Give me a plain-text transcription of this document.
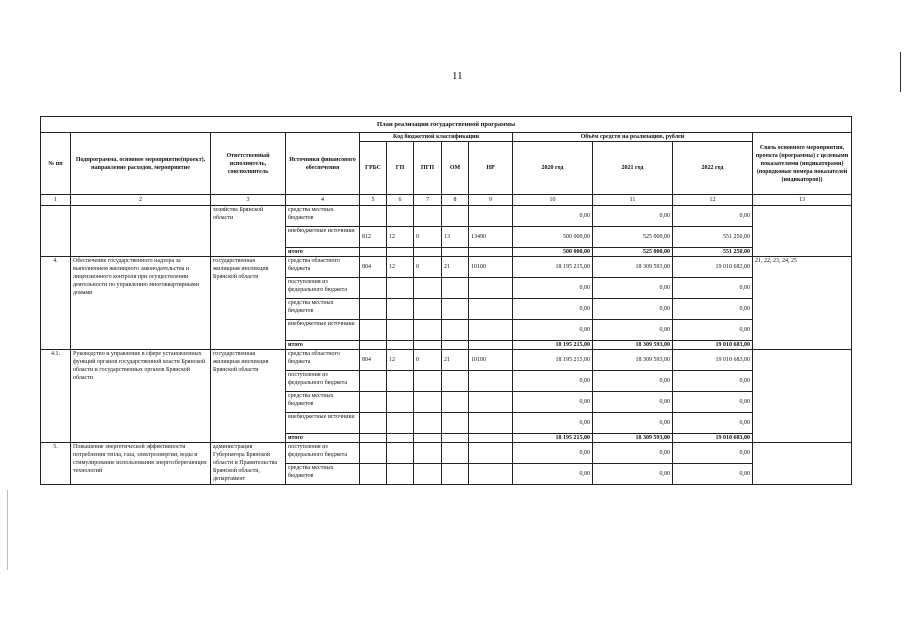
11
План реализации государственной программы												
№ пп	Подпрограмма, основное мероприятие(проект), направление расходов, мероприятие	Ответственный исполнитель, соисполнитель	Источники финансового обеспечения	Код бюджетной классификации					Объём средств на реализацию, рублей			Связь основного мероприятия, проекта (программы) с целевыми показателями (индикаторами) (порядковые номера показателей (индикаторов))
				ГРБС	ГП	ПГП	ОМ	НР	2020 год	2021 год	2022 год	
1	2	3	4	5	6	7	8	9	10	11	12	13
		хозяйства Брянской области	средства местных бюджетов						0,00	0,00	0,00	
			внебюджетные источники	812	12	0	13	13490	500 000,00	525 000,00	551 250,00	
			итого						500 000,00	525 000,00	551 250,00	
4.	Обеспечение государственного надзора за выполнением жилищного законодательства и лицензионного контроля при осуществлении деятельности по управлению многоквартирными домами	государственная жилищная инспекция Брянской области	средства областного бюджета	804	12	0	21	10100	18 195 215,00	18 309 593,00	19 010 683,00	21, 22, 23, 24, 25
			поступления из федерального бюджета						0,00	0,00	0,00	
			средства местных бюджетов						0,00	0,00	0,00	
			внебюджетные источники						0,00	0,00	0,00	
			итого						18 195 215,00	18 309 593,00	19 010 683,00	
4.1.	Руководство и управление в сфере установленных функций органов государственной власти Брянской области и государственных органов Брянской области	государственная жилищная инспекция Брянской области	средства областного бюджета	804	12	0	21	10100	18 195 215,00	18 309 593,00	19 010 683,00	
			поступления из федерального бюджета						0,00	0,00	0,00	
			средства местных бюджетов						0,00	0,00	0,00	
			внебюджетные источники						0,00	0,00	0,00	
			итого						18 195 215,00	18 309 593,00	19 010 683,00	
5.	Повышение энергетической эффективности потребления тепла, газа, электроэнергии, воды и стимулирование использования энергосберегающих технологий	администрация Губернатора Брянской области и Правительства Брянской области, департамент	поступления из федерального бюджета						0,00	0,00	0,00	
			средства местных бюджетов						0,00	0,00	0,00	
